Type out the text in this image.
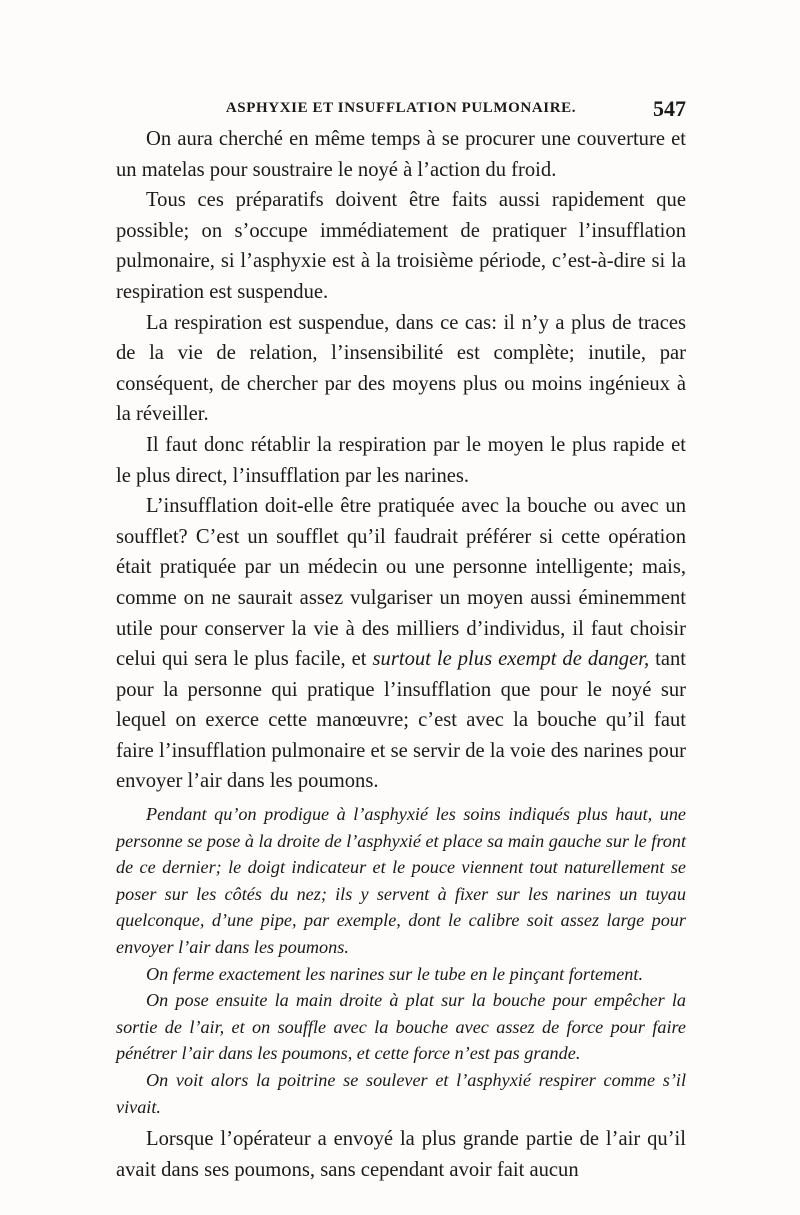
ASPHYXIE ET INSUFFLATION PULMONAIRE.	547

On aura cherché en même temps à se procurer une couverture et un matelas pour soustraire le noyé à l’action du froid.

Tous ces préparatifs doivent être faits aussi rapidement que possible; on s’occupe immédiatement de pratiquer l’insufflation pulmonaire, si l’asphyxie est à la troisième période, c’est-à-dire si la respiration est suspendue.

La respiration est suspendue, dans ce cas: il n’y a plus de traces de la vie de relation, l’insensibilité est complète; inutile, par conséquent, de chercher par des moyens plus ou moins ingénieux à la réveiller.

Il faut donc rétablir la respiration par le moyen le plus rapide et le plus direct, l’insufflation par les narines.

L’insufflation doit-elle être pratiquée avec la bouche ou avec un soufflet? C’est un soufflet qu’il faudrait préférer si cette opération était pratiquée par un médecin ou une personne intelligente; mais, comme on ne saurait assez vulgariser un moyen aussi éminemment utile pour conserver la vie à des milliers d’individus, il faut choisir celui qui sera le plus facile, et surtout le plus exempt de danger, tant pour la personne qui pratique l’insufflation que pour le noyé sur lequel on exerce cette manœuvre; c’est avec la bouche qu’il faut faire l’insufflation pulmonaire et se servir de la voie des narines pour envoyer l’air dans les poumons.

Pendant qu’on prodigue à l’asphyxié les soins indiqués plus haut, une personne se pose à la droite de l’asphyxié et place sa main gauche sur le front de ce dernier; le doigt indicateur et le pouce viennent tout naturellement se poser sur les côtés du nez; ils y servent à fixer sur les narines un tuyau quelconque, d’une pipe, par exemple, dont le calibre soit assez large pour envoyer l’air dans les poumons.

On ferme exactement les narines sur le tube en le pinçant fortement.

On pose ensuite la main droite à plat sur la bouche pour empêcher la sortie de l’air, et on souffle avec la bouche avec assez de force pour faire pénétrer l’air dans les poumons, et cette force n’est pas grande.

On voit alors la poitrine se soulever et l’asphyxié respirer comme s’il vivait.

Lorsque l’opérateur a envoyé la plus grande partie de l’air qu’il avait dans ses poumons, sans cependant avoir fait aucun
